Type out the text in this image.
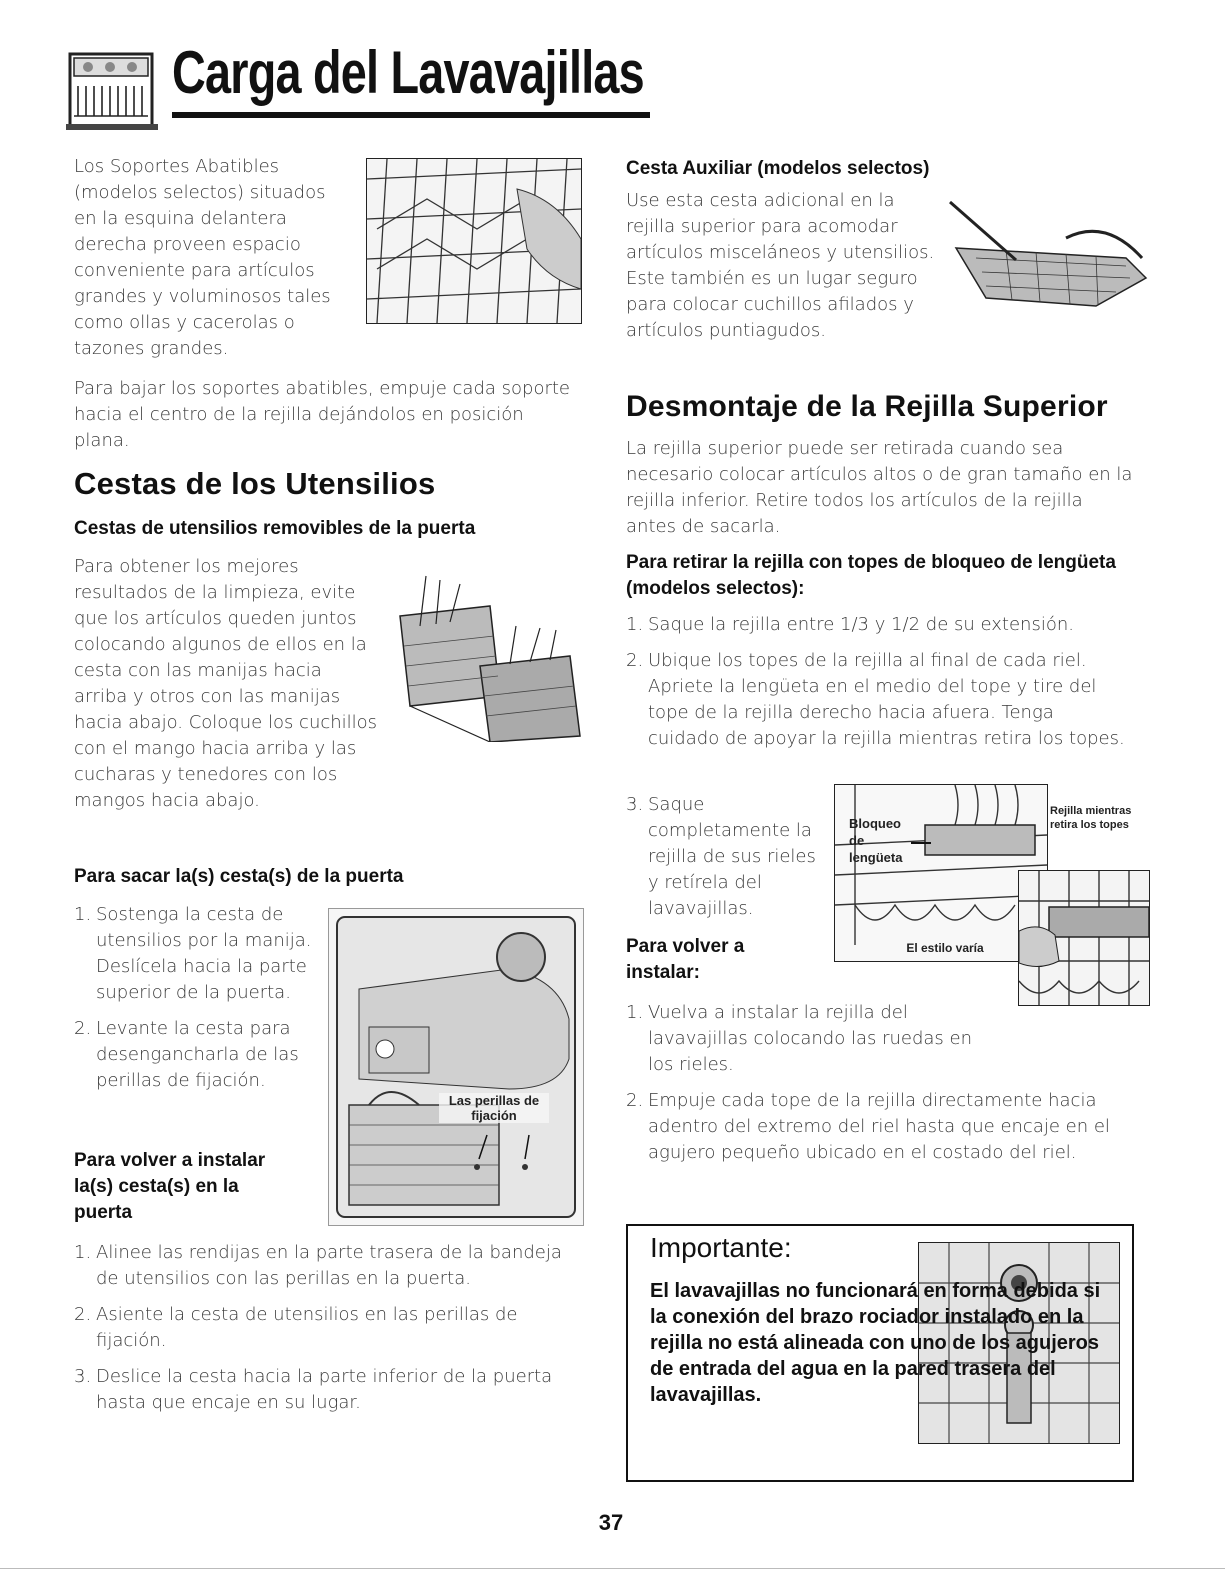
Carga del Lavavajillas
Los Soportes Abatibles (modelos selectos) situados en la esquina delantera derecha proveen espacio conveniente para artículos grandes y voluminosos tales como ollas y cacerolas o tazones grandes.
Para bajar los soportes abatibles, empuje cada soporte hacia el centro de la rejilla dejándolos en posición plana.
Cestas de los Utensilios
Cestas de utensilios removibles de la puerta
Para obtener los mejores resultados de la limpieza, evite que los artículos queden juntos colocando algunos de ellos en la cesta con las manijas hacia arriba y otros con las manijas hacia abajo. Coloque los cuchillos con el mango hacia arriba y las cucharas y tenedores con los mangos hacia abajo.
Para sacar la(s) cesta(s) de la puerta
1. Sostenga la cesta de utensilios por la manija. Deslícela hacia la parte superior de la puerta.
2. Levante la cesta para desengancharla de las perillas de fijación.
Para volver a instalar la(s) cesta(s) en la puerta
Las perillas de fijación
1. Alinee las rendijas en la parte trasera de la bandeja de utensilios con las perillas en la puerta.
2. Asiente la cesta de utensilios en las perillas de fijación.
3. Deslice la cesta hacia la parte inferior de la puerta hasta que encaje en su lugar.
Cesta Auxiliar (modelos selectos)
Use esta cesta adicional en la rejilla superior para acomodar artículos misceláneos y utensilios. Este también es un lugar seguro para colocar cuchillos afilados y artículos puntiagudos.
Desmontaje de la Rejilla Superior
La rejilla superior puede ser retirada cuando sea necesario colocar artículos altos o de gran tamaño en la rejilla inferior. Retire todos los artículos de la rejilla antes de sacarla.
Para retirar la rejilla con topes de bloqueo de lengüeta (modelos selectos):
1. Saque la rejilla entre 1/3 y 1/2 de su extensión.
2. Ubique los topes de la rejilla al final de cada riel. Apriete la lengüeta en el medio del tope y tire del tope de la rejilla derecho hacia afuera. Tenga cuidado de apoyar la rejilla mientras retira los topes.
3. Saque completamente la rejilla de sus rieles y retírela del lavavajillas.
Para volver a instalar:
Bloqueo de lengüeta
El estilo varía
Rejilla mientras retira los topes
1. Vuelva a instalar la rejilla del lavavajillas colocando las ruedas en los rieles.
2. Empuje cada tope de la rejilla directamente hacia adentro del extremo del riel hasta que encaje en el agujero pequeño ubicado en el costado del riel.
Importante:
El lavavajillas no funcionará en forma debida si la conexión del brazo rociador instalado en la rejilla no está alineada con uno de los agujeros de entrada del agua en la pared trasera del lavavajillas.
37
